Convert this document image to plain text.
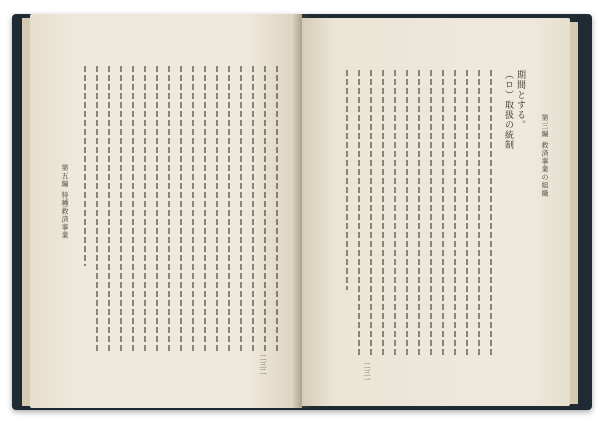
第五編 特種救済事業
二三二
第三編 救済事業の組織
期間とする。
（ロ）取扱の統制
二三一
